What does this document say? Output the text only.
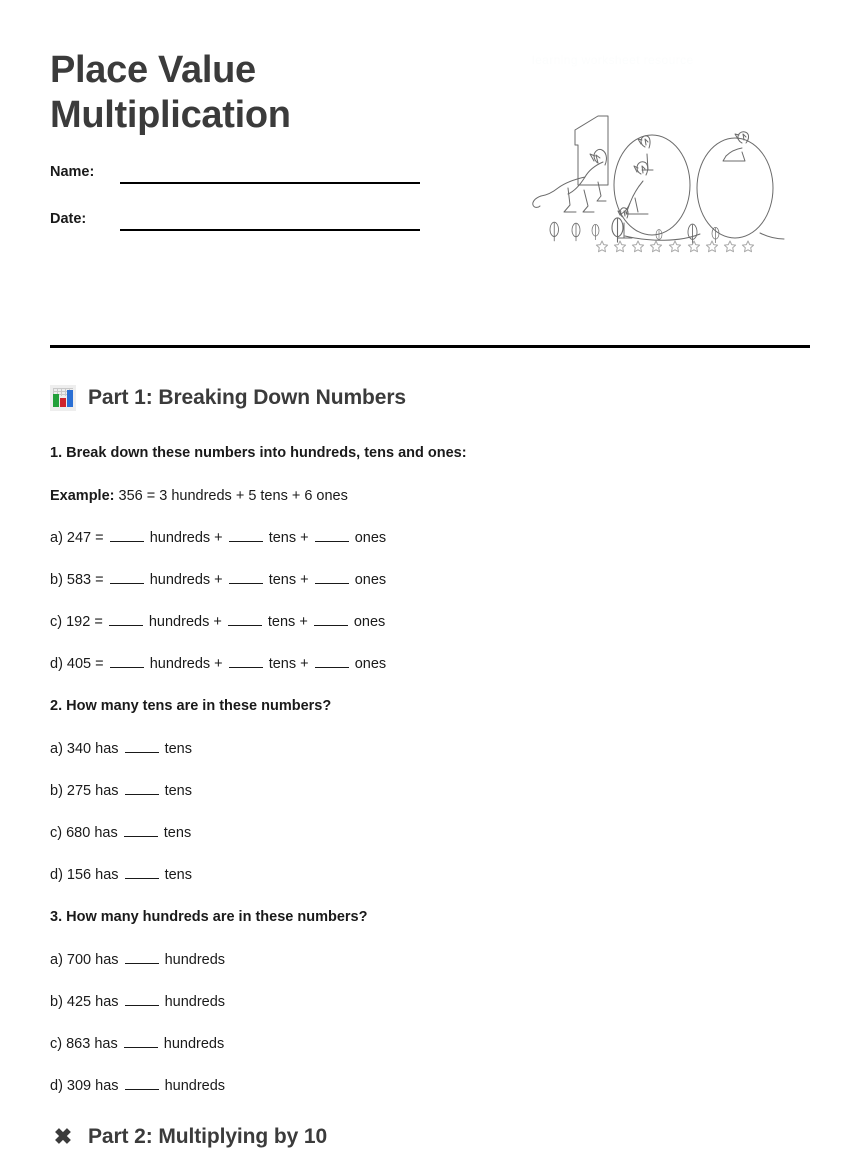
Place Value
Multiplication
Name:
Date:
learning worksheet resource
Part 1: Breaking Down Numbers

1. Break down these numbers into hundreds, tens and ones:

Example: 356 = 3 hundreds + 5 tens + 6 ones

a) 247 =	hundreds +	tens +	ones

b) 583 =	hundreds +	tens +	ones

c) 192 =	hundreds +	tens +	ones

d) 405 =	hundreds +	tens +	ones

2. How many tens are in these numbers?

a) 340 has	tens

b) 275 has	tens

c) 680 has	tens

d) 156 has	tens

3. How many hundreds are in these numbers?

a) 700 has	hundreds

b) 425 has	hundreds

c) 863 has	hundreds

d) 309 has	hundreds

✖ Part 2: Multiplying by 10
